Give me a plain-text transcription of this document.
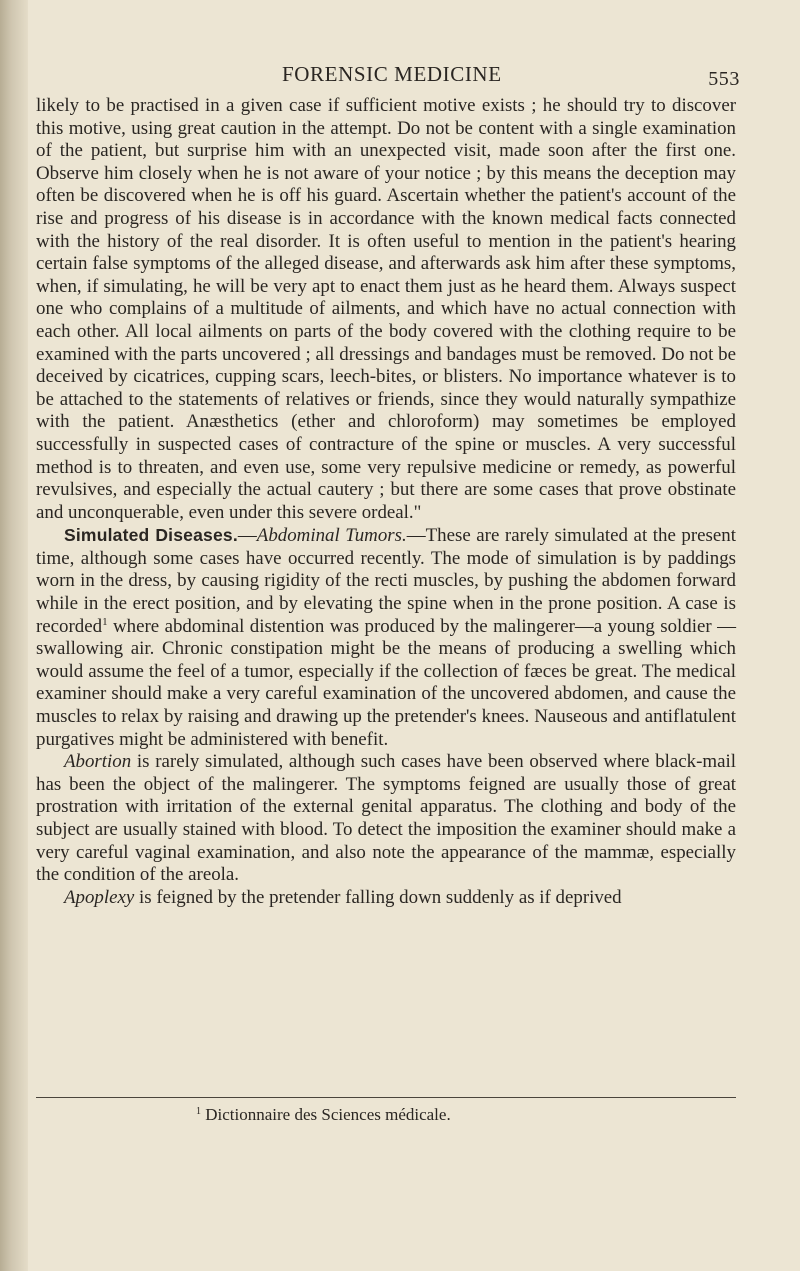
FORENSIC MEDICINE	553

likely to be practised in a given case if sufficient motive exists ; he should try to discover this motive, using great caution in the attempt. Do not be content with a single examination of the patient, but surprise him with an unexpected visit, made soon after the first one. Observe him closely when he is not aware of your notice ; by this means the deception may often be discovered when he is off his guard. Ascertain whether the patient's account of the rise and progress of his disease is in accordance with the known medical facts connected with the history of the real disorder. It is often useful to mention in the patient's hearing certain false symptoms of the alleged disease, and afterwards ask him after these symptoms, when, if simulating, he will be very apt to enact them just as he heard them. Always suspect one who complains of a multitude of ailments, and which have no actual connection with each other. All local ailments on parts of the body covered with the clothing require to be examined with the parts uncovered ; all dressings and bandages must be removed. Do not be deceived by cicatrices, cupping scars, leech-bites, or blisters. No importance whatever is to be attached to the statements of relatives or friends, since they would naturally sympathize with the patient. Anæsthetics (ether and chloroform) may sometimes be employed successfully in suspected cases of contracture of the spine or muscles. A very successful method is to threaten, and even use, some very repulsive medicine or remedy, as powerful revulsives, and especially the actual cautery ; but there are some cases that prove obstinate and unconquerable, even under this severe ordeal."

Simulated Diseases.—Abdominal Tumors.—These are rarely simulated at the present time, although some cases have occurred recently. The mode of simulation is by paddings worn in the dress, by causing rigidity of the recti muscles, by pushing the abdomen forward while in the erect position, and by elevating the spine when in the prone position. A case is recorded$^1$ where abdominal distention was produced by the malingerer—a young soldier —swallowing air. Chronic constipation might be the means of producing a swelling which would assume the feel of a tumor, especially if the collection of fæces be great. The medical examiner should make a very careful examination of the uncovered abdomen, and cause the muscles to relax by raising and drawing up the pretender's knees. Nauseous and antiflatulent purgatives might be administered with benefit.

Abortion is rarely simulated, although such cases have been observed where black-mail has been the object of the malingerer. The symptoms feigned are usually those of great prostration with irritation of the external genital apparatus. The clothing and body of the subject are usually stained with blood. To detect the imposition the examiner should make a very careful vaginal examination, and also note the appearance of the mammæ, especially the condition of the areola.

Apoplexy is feigned by the pretender falling down suddenly as if deprived

$^1$ Dictionnaire des Sciences médicale.
